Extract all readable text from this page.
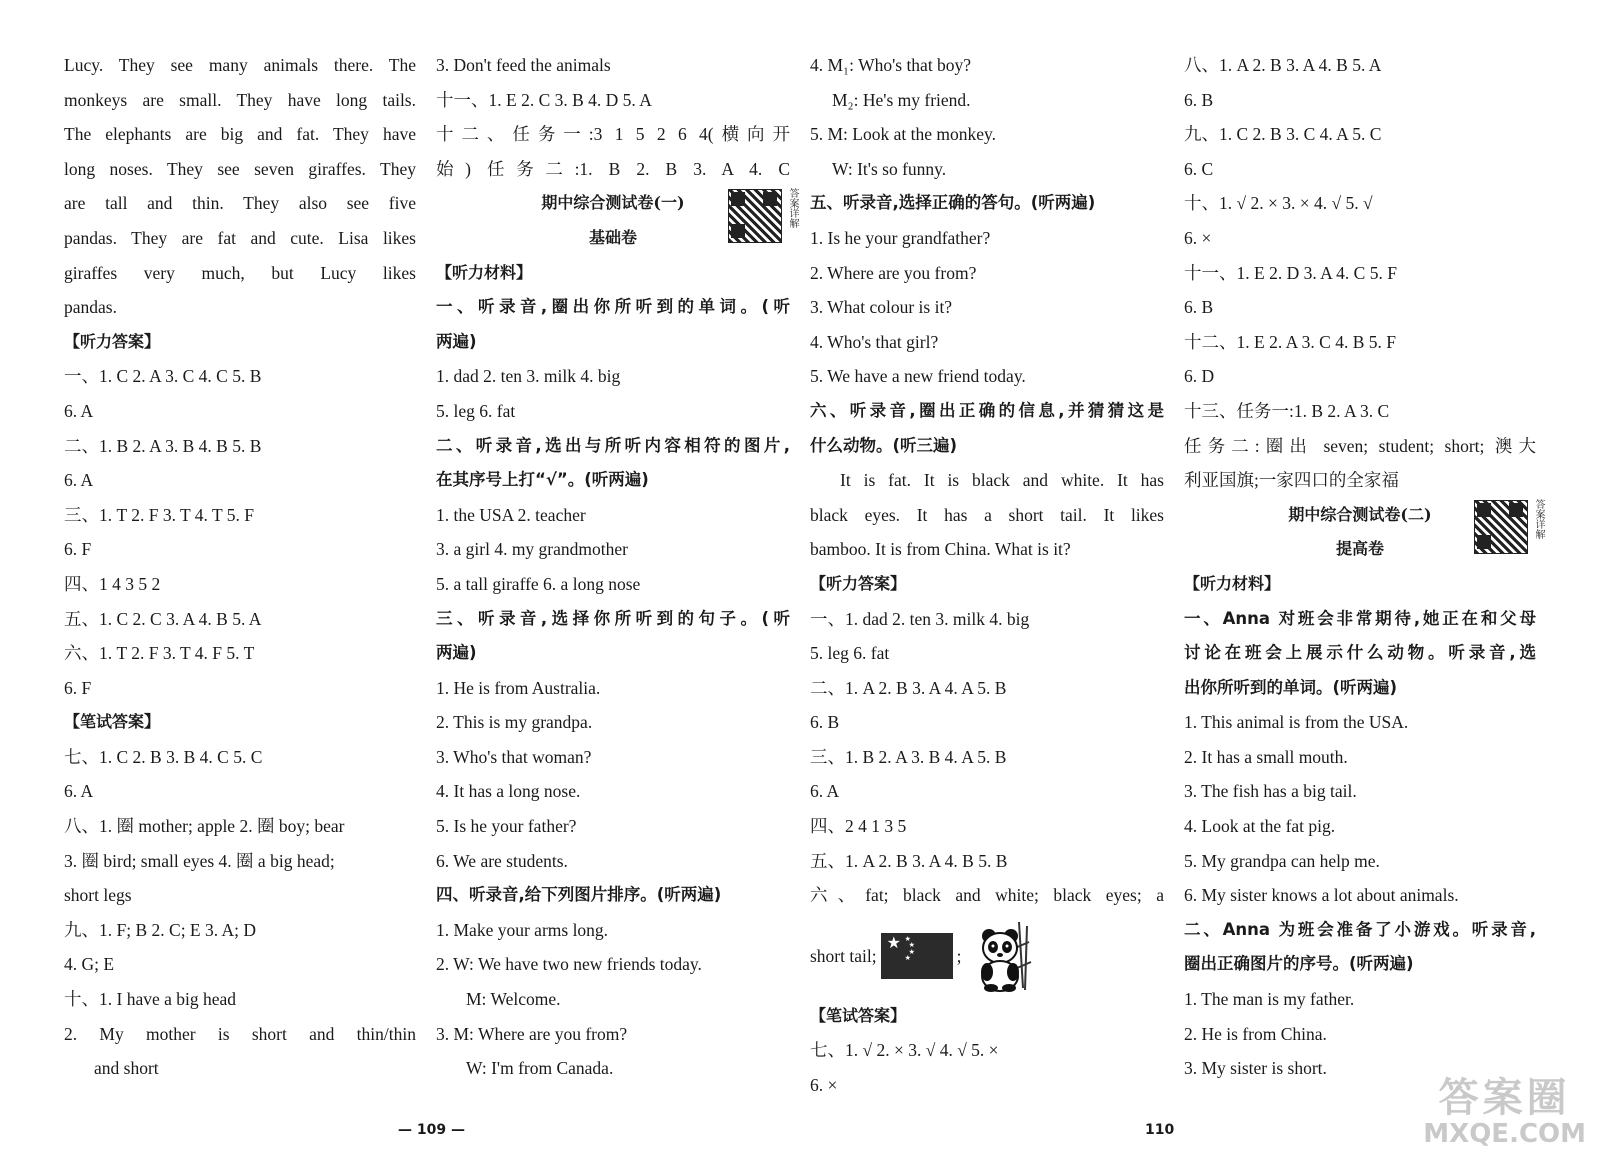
Lucy. They see many animals there. The
monkeys are small. They have long tails.
The elephants are big and fat. They have
long noses. They see seven giraffes. They
are tall and thin. They also see five
pandas. They are fat and cute. Lisa likes
giraffes very much, but Lucy likes
pandas.
【听力答案】
一、1. C 2. A 3. C 4. C 5. B
6. A
二、1. B 2. A 3. B 4. B 5. B
6. A
三、1. T 2. F 3. T 4. T 5. F
6. F
四、1 4 3 5 2
五、1. C 2. C 3. A 4. B 5. A
六、1. T 2. F 3. T 4. F 5. T
6. F
【笔试答案】
七、1. C 2. B 3. B 4. C 5. C
6. A
八、1. 圈 mother; apple 2. 圈 boy; bear
3. 圈 bird; small eyes 4. 圈 a big head;
short legs
九、1. F; B 2. C; E 3. A; D
4. G; E
十、1. I have a big head
2. My mother is short and thin/thin
and short
3. Don't feed the animals
十一、1. E 2. C 3. B 4. D 5. A
十二、任务一:3 1 5 2 6 4(横向开
始) 任务二:1. B 2. B 3. A 4. C
期中综合测试卷(一)
基础卷
答案详解
【听力材料】
一、听录音,圈出你所听到的单词。(听
两遍)
1. dad 2. ten 3. milk 4. big
5. leg 6. fat
二、听录音,选出与所听内容相符的图片,
在其序号上打“√”。(听两遍)
1. the USA 2. teacher
3. a girl 4. my grandmother
5. a tall giraffe 6. a long nose
三、听录音,选择你所听到的句子。(听
两遍)
1. He is from Australia.
2. This is my grandpa.
3. Who's that woman?
4. It has a long nose.
5. Is he your father?
6. We are students.
四、听录音,给下列图片排序。(听两遍)
1. Make your arms long.
2. W: We have two new friends today.
M: Welcome.
3. M: Where are you from?
W: I'm from Canada.
4. M₁: Who's that boy?
M₂: He's my friend.
5. M: Look at the monkey.
W: It's so funny.
五、听录音,选择正确的答句。(听两遍)
1. Is he your grandfather?
2. Where are you from?
3. What colour is it?
4. Who's that girl?
5. We have a new friend today.
六、听录音,圈出正确的信息,并猜猜这是
什么动物。(听三遍)
It is fat. It is black and white. It has
black eyes. It has a short tail. It likes
bamboo. It is from China. What is it?
【听力答案】
一、1. dad 2. ten 3. milk 4. big
5. leg 6. fat
二、1. A 2. B 3. A 4. A 5. B
6. B
三、1. B 2. A 3. B 4. A 5. B
6. A
四、2 4 1 3 5
五、1. A 2. B 3. A 4. B 5. B
六、fat; black and white; black eyes; a
short tail;
★ ★
★
★
★	;
【笔试答案】
七、1. √ 2. × 3. √ 4. √ 5. ×
6. ×
八、1. A 2. B 3. A 4. B 5. A
6. B
九、1. C 2. B 3. C 4. A 5. C
6. C
十、1. √ 2. × 3. × 4. √ 5. √
6. ×
十一、1. E 2. D 3. A 4. C 5. F
6. B
十二、1. E 2. A 3. C 4. B 5. F
6. D
十三、任务一:1. B 2. A 3. C
任务二:圈出 seven; student; short; 澳大
利亚国旗;一家四口的全家福
期中综合测试卷(二)
提高卷
答案详解
【听力材料】
一、Anna 对班会非常期待,她正在和父母
讨论在班会上展示什么动物。听录音,选
出你所听到的单词。(听两遍)
1. This animal is from the USA.
2. It has a small mouth.
3. The fish has a big tail.
4. Look at the fat pig.
5. My grandpa can help me.
6. My sister knows a lot about animals.
二、Anna 为班会准备了小游戏。听录音,
圈出正确图片的序号。(听两遍)
1. The man is my father.
2. He is from China.
3. My sister is short.
— 109 —	110
答案圈
MXQE.COM
